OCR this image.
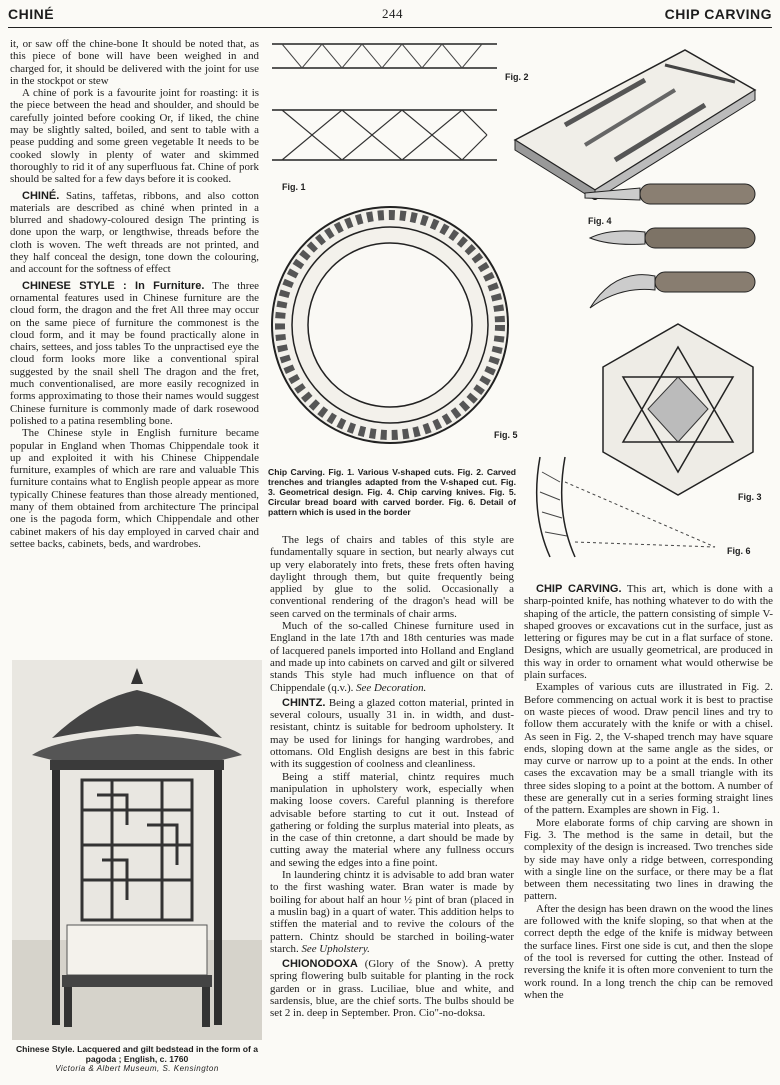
CHINÉ	244	CHIP CARVING

it, or saw off the chine-bone It should be noted that, as this piece of bone will have been weighed in and charged for, it should be delivered with the joint for use in the stockpot or stew

A chine of pork is a favourite joint for roasting: it is the piece between the head and shoulder, and should be carefully jointed before cooking Or, if liked, the chine may be slightly salted, boiled, and sent to table with a pease pudding and some green vegetable It needs to be cooked slowly in plenty of water and skimmed thoroughly to rid it of any superfluous fat. Chine of pork should be salted for a few days before it is cooked.

CHINÉ. Satins, taffetas, ribbons, and also cotton materials are described as chiné when printed in a blurred and shadowy-coloured design The printing is done upon the warp, or lengthwise, threads before the cloth is woven. The weft threads are not printed, and they half conceal the design, tone down the colouring, and account for the softness of effect

CHINESE STYLE : In Furniture. The three ornamental features used in Chinese furniture are the cloud form, the dragon and the fret All three may occur on the same piece of furniture the commonest is the cloud form, and it may be found practically alone in chairs, settees, and joss tables To the unpractised eye the cloud form looks more like a conventional spiral suggested by the snail shell The dragon and the fret, much conventionalised, are more easily recognized in forms approximating to those their names would suggest Chinese furniture is commonly made of dark rosewood polished to a patina resembling bone.

The Chinese style in English furniture became popular in England when Thomas Chippendale took it up and exploited it with his Chinese Chippendale furniture, examples of which are rare and valuable This furniture contains what to English people appear as more typically Chinese features than those already mentioned, many of them obtained from architecture The principal one is the pagoda form, which Chippendale and other cabinet makers of his day employed in carved chair and settee backs, cabinets, beds, and wardrobes.

Chinese Style. Lacquered and gilt bedstead in the form of a pagoda ; English, c. 1760
Victoria & Albert Museum, S. Kensington
Fig. 1
Fig. 2
Fig. 4
Fig. 5
Fig. 3
Fig. 6
Chip Carving. Fig. 1. Various V-shaped cuts. Fig. 2. Carved trenches and triangles adapted from the V-shaped cut. Fig. 3. Geometrical design. Fig. 4. Chip carving knives. Fig. 5. Circular bread board with carved border. Fig. 6. Detail of pattern which is used in the border

The legs of chairs and tables of this style are fundamentally square in section, but nearly always cut up very elaborately into frets, these frets often having daylight through them, but quite frequently being applied by glue to the solid. Occasionally a conventional rendering of the dragon's head will be seen carved on the terminals of chair arms.

Much of the so-called Chinese furniture used in England in the late 17th and 18th centuries was made of lacquered panels imported into Holland and England and made up into cabinets on carved and gilt or silvered stands This style had much influence on that of Chippendale (q.v.). See Decoration.

CHINTZ. Being a glazed cotton material, printed in several colours, usually 31 in. in width, and dust-resistant, chintz is suitable for bedroom upholstery. It may be used for linings for hanging wardrobes, and ottomans. Old English designs are best in this fabric with its suggestion of coolness and cleanliness.

Being a stiff material, chintz requires much manipulation in upholstery work, especially when making loose covers. Careful planning is therefore advisable before starting to cut it out. Instead of gathering or folding the surplus material into pleats, as in the case of thin cretonne, a dart should be made by cutting away the material where any fullness occurs and sewing the edges into a fine point.

In laundering chintz it is advisable to add bran water to the first washing water. Bran water is made by boiling for about half an hour ½ pint of bran (placed in a muslin bag) in a quart of water. This addition helps to stiffen the material and to revive the colours of the pattern. Chintz should be starched in boiling-water starch. See Upholstery.

CHIONODOXA (Glory of the Snow). A pretty spring flowering bulb suitable for planting in the rock garden or in grass. Luciliae, blue and white, and sardensis, blue, are the chief sorts. The bulbs should be set 2 in. deep in September. Pron. Cio"-no-doksa.

CHIP CARVING. This art, which is done with a sharp-pointed knife, has nothing whatever to do with the shaping of the article, the pattern consisting of simple V-shaped grooves or excavations cut in the surface, just as lettering or figures may be cut in a flat surface of stone. Designs, which are usually geometrical, are produced in this way in order to ornament what would otherwise be plain surfaces.

Examples of various cuts are illustrated in Fig. 2. Before commencing on actual work it is best to practise on waste pieces of wood. Draw pencil lines and try to follow them accurately with the knife or with a chisel. As seen in Fig. 2, the V-shaped trench may have square ends, sloping down at the same angle as the sides, or may curve or narrow up to a point at the ends. In other cases the excavation may be a small triangle with its three sides sloping to a point at the bottom. A number of these are generally cut in a series forming straight lines of the pattern. Examples are shown in Fig. 1.

More elaborate forms of chip carving are shown in Fig. 3. The method is the same in detail, but the complexity of the design is increased. Two trenches side by side may have only a ridge between, corresponding with a single line on the surface, or there may be a flat between them necessitating two lines in drawing the pattern.

After the design has been drawn on the wood the lines are followed with the knife sloping, so that when at the correct depth the edge of the knife is midway between the surface lines. First one side is cut, and then the slope of the tool is reversed for cutting the other. Instead of reversing the knife it is often more convenient to turn the work round. In a long trench the chip can be removed when the
